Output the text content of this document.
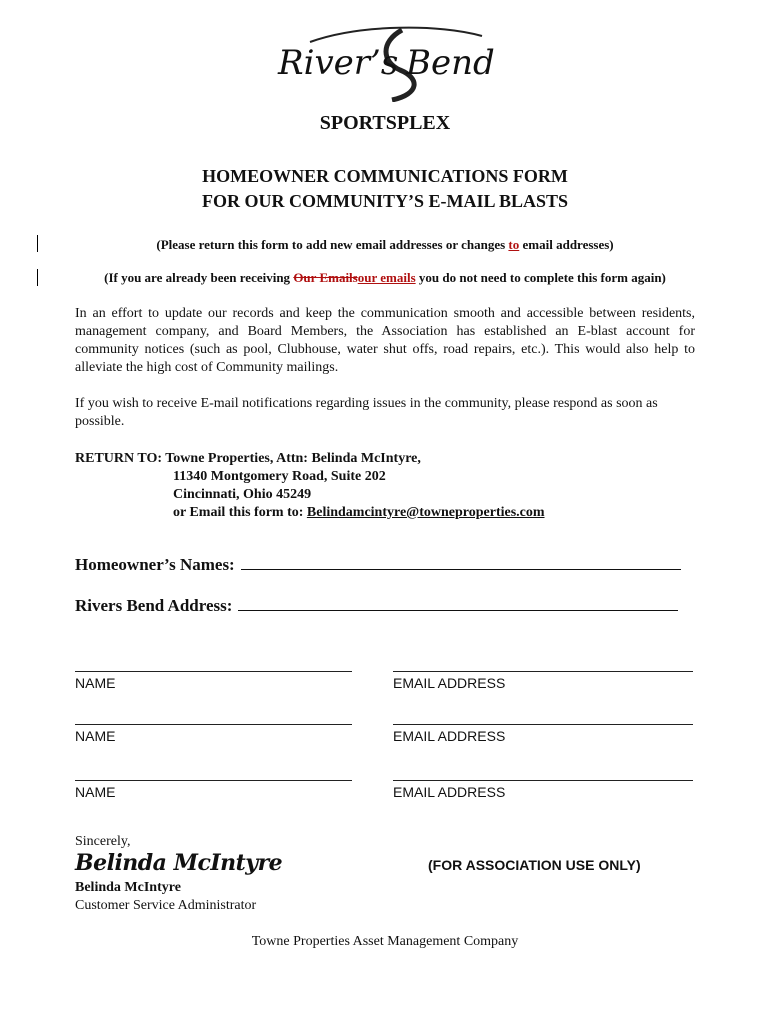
River’s Bend
SPORTSPLEX
HOMEOWNER COMMUNICATIONS FORM
FOR OUR COMMUNITY’S E-MAIL BLASTS
(Please return this form to add new email addresses or changes to email addresses)
(If you are already been receiving Our Emailsour emails you do not need to complete this form again)
In an effort to update our records and keep the communication smooth and accessible between residents, management company, and Board Members, the Association has established an E-blast account for community notices (such as pool, Clubhouse, water shut offs, road repairs, etc.). This would also help to alleviate the high cost of Community mailings.
If you wish to receive E-mail notifications regarding issues in the community, please respond as soon as possible.
RETURN TO: Towne Properties, Attn: Belinda McIntyre,
11340 Montgomery Road, Suite 202
Cincinnati, Ohio 45249
or Email this form to: Belindamcintyre@towneproperties.com
Homeowner’s Names:
Rivers Bend Address:
NAME	EMAIL ADDRESS
NAME	EMAIL ADDRESS
NAME	EMAIL ADDRESS
Sincerely,
Belinda McIntyre
Belinda McIntyre
Customer Service Administrator
(FOR ASSOCIATION USE ONLY)
Towne Properties Asset Management Company
